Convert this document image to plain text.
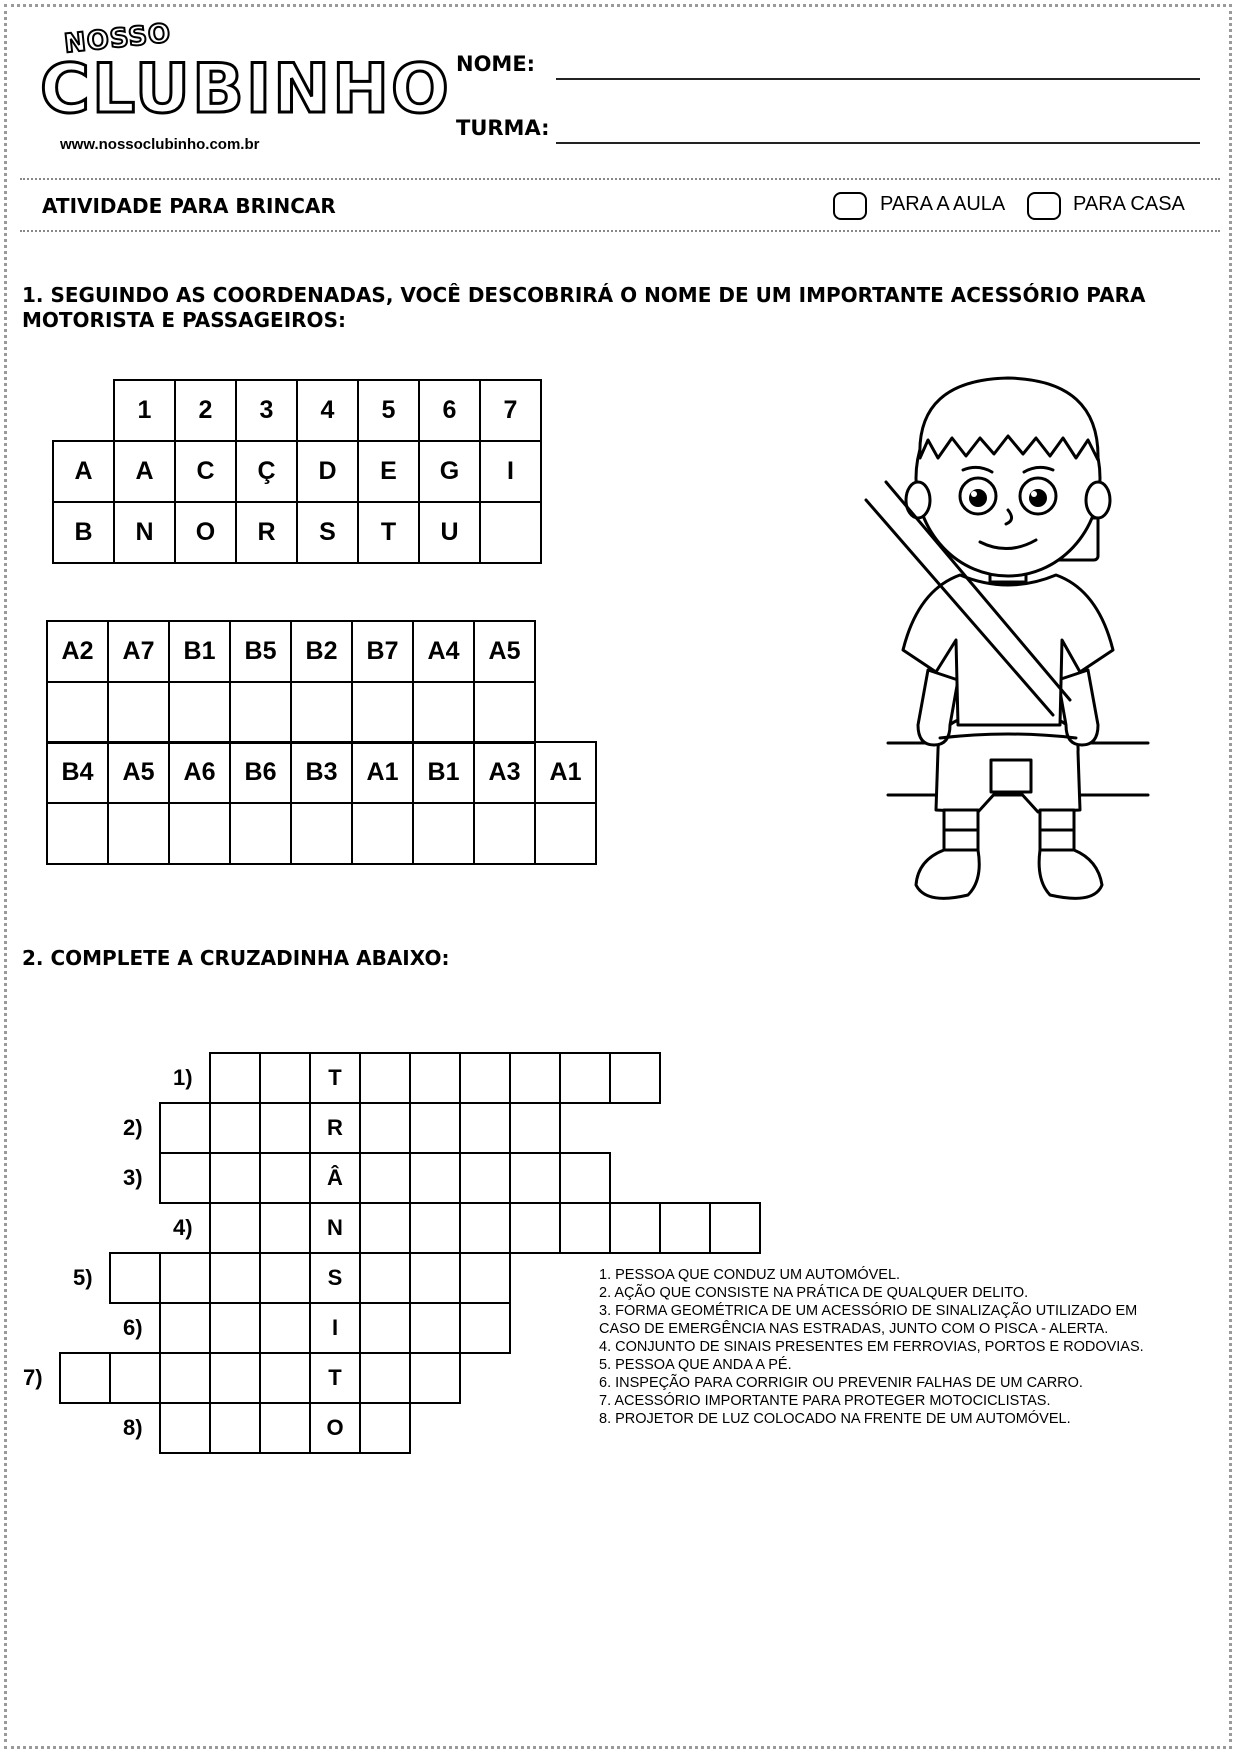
NOSSO
CLUBINHO
www.nossoclubinho.com.br
NOME:
TURMA:
ATIVIDADE PARA BRINCAR	PARA A AULA	PARA CASA
1. SEGUINDO AS COORDENADAS, VOCÊ DESCOBRIRÁ O NOME DE UM IMPORTANTE ACESSÓRIO PARA
MOTORISTA E PASSAGEIROS:
	1	2	3	4	5	6	7
A	A	C	Ç	D	E	G	I
B	N	O	R	S	T	U	
A2	A7	B1	B5	B2	B7	A4	A5

B4	A5	A6	B6	B3	A1	B1	A3	A1

2. COMPLETE A CRUZADINHA ABAIXO:
1)	T
2)	R
3)	Â
4)	N
5)	S
6)	I
7)	T
8)	O
1. PESSOA QUE CONDUZ UM AUTOMÓVEL.
2. AÇÃO QUE CONSISTE NA PRÁTICA DE QUALQUER DELITO.
3. FORMA GEOMÉTRICA DE UM ACESSÓRIO DE SINALIZAÇÃO UTILIZADO EM CASO DE EMERGÊNCIA NAS ESTRADAS, JUNTO COM O PISCA - ALERTA.
4. CONJUNTO DE SINAIS PRESENTES EM FERROVIAS, PORTOS E RODOVIAS.
5. PESSOA QUE ANDA A PÉ.
6. INSPEÇÃO PARA CORRIGIR OU PREVENIR FALHAS DE UM CARRO.
7. ACESSÓRIO IMPORTANTE PARA PROTEGER MOTOCICLISTAS.
8. PROJETOR DE LUZ COLOCADO NA FRENTE DE UM AUTOMÓVEL.
